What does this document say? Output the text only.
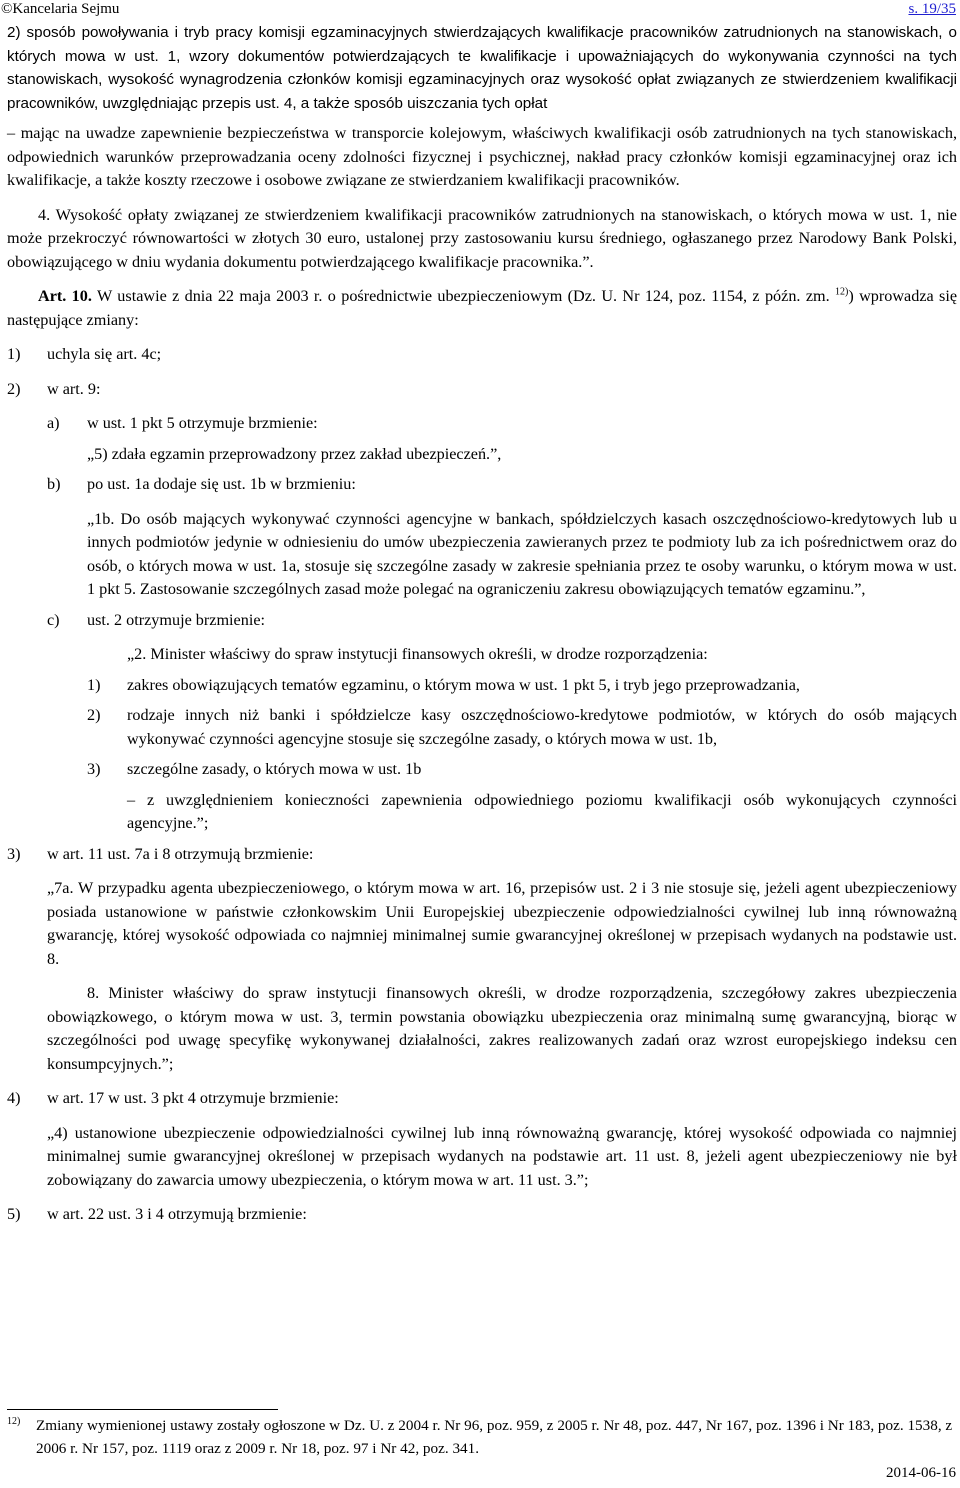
©Kancelaria Sejmu	s. 19/35

2) sposób powoływania i tryb pracy komisji egzaminacyjnych stwierdzających kwalifikacje pracowników zatrudnionych na stanowiskach, o których mowa w ust. 1, wzory dokumentów potwierdzających te kwalifikacje i upoważniających do wykonywania czynności na tych stanowiskach, wysokość wynagrodzenia członków komisji egzaminacyjnych oraz wysokość opłat związanych ze stwierdzeniem kwalifikacji pracowników, uwzględniając przepis ust. 4, a także sposób uiszczania tych opłat

– mając na uwadze zapewnienie bezpieczeństwa w transporcie kolejowym, właściwych kwalifikacji osób zatrudnionych na tych stanowiskach, odpowiednich warunków przeprowadzania oceny zdolności fizycznej i psychicznej, nakład pracy członków komisji egzaminacyjnej oraz ich kwalifikacje, a także koszty rzeczowe i osobowe związane ze stwierdzaniem kwalifikacji pracowników.

4. Wysokość opłaty związanej ze stwierdzeniem kwalifikacji pracowników zatrudnionych na stanowiskach, o których mowa w ust. 1, nie może przekroczyć równowartości w złotych 30 euro, ustalonej przy zastosowaniu kursu średniego, ogłaszanego przez Narodowy Bank Polski, obowiązującego w dniu wydania dokumentu potwierdzającego kwalifikacje pracownika.”.

Art. 10. W ustawie z dnia 22 maja 2003 r. o pośrednictwie ubezpieczeniowym (Dz. U. Nr 124, poz. 1154, z późn. zm. $^{12)}$) wprowadza się następujące zmiany:

1)	uchyla się art. 4c;
2)	w art. 9:
a)	w ust. 1 pkt 5 otrzymuje brzmienie:

„5) zdała egzamin przeprowadzony przez zakład ubezpieczeń.”,

b)	po ust. 1a dodaje się ust. 1b w brzmieniu:

„1b. Do osób mających wykonywać czynności agencyjne w bankach, spółdzielczych kasach oszczędnościowo-kredytowych lub u innych podmiotów jedynie w odniesieniu do umów ubezpieczenia zawieranych przez te podmioty lub za ich pośrednictwem oraz do osób, o których mowa w ust. 1a, stosuje się szczególne zasady w zakresie spełniania przez te osoby warunku, o którym mowa w ust. 1 pkt 5. Zastosowanie szczególnych zasad może polegać na ograniczeniu zakresu obowiązujących tematów egzaminu.”,

c)	ust. 2 otrzymuje brzmienie:

„2. Minister właściwy do spraw instytucji finansowych określi, w drodze rozporządzenia:

1)	zakres obowiązujących tematów egzaminu, o którym mowa w ust. 1 pkt 5, i tryb jego przeprowadzania,
2)	rodzaje innych niż banki i spółdzielcze kasy oszczędnościowo-kredytowe podmiotów, w których do osób mających wykonywać czynności agencyjne stosuje się szczególne zasady, o których mowa w ust. 1b,
3)	szczególne zasady, o których mowa w ust. 1b

– z uwzględnieniem konieczności zapewnienia odpowiedniego poziomu kwalifikacji osób wykonujących czynności agencyjne.”;

3)	w art. 11 ust. 7a i 8 otrzymują brzmienie:

„7a. W przypadku agenta ubezpieczeniowego, o którym mowa w art. 16, przepisów ust. 2 i 3 nie stosuje się, jeżeli agent ubezpieczeniowy posiada ustanowione w państwie członkowskim Unii Europejskiej ubezpieczenie odpowiedzialności cywilnej lub inną równoważną gwarancję, której wysokość odpowiada co najmniej minimalnej sumie gwarancyjnej określonej w przepisach wydanych na podstawie ust. 8.

8. Minister właściwy do spraw instytucji finansowych określi, w drodze rozporządzenia, szczegółowy zakres ubezpieczenia obowiązkowego, o którym mowa w ust. 3, termin powstania obowiązku ubezpieczenia oraz minimalną sumę gwarancyjną, biorąc w szczególności pod uwagę specyfikę wykonywanej działalności, zakres realizowanych zadań oraz wzrost europejskiego indeksu cen konsumpcyjnych.”;

4)	w art. 17 w ust. 3 pkt 4 otrzymuje brzmienie:

„4) ustanowione ubezpieczenie odpowiedzialności cywilnej lub inną równoważną gwarancję, której wysokość odpowiada co najmniej minimalnej sumie gwarancyjnej określonej w przepisach wydanych na podstawie art. 11 ust. 8, jeżeli agent ubezpieczeniowy nie był zobowiązany do zawarcia umowy ubezpieczenia, o którym mowa w art. 11 ust. 3.”;

5)	w art. 22 ust. 3 i 4 otrzymują brzmienie:
$^{12)}$	Zmiany wymienionej ustawy zostały ogłoszone w Dz. U. z 2004 r. Nr 96, poz. 959, z 2005 r. Nr 48, poz. 447, Nr 167, poz. 1396 i Nr 183, poz. 1538, z 2006 r. Nr 157, poz. 1119 oraz z 2009 r. Nr 18, poz. 97 i Nr 42, poz. 341.
2014-06-16
